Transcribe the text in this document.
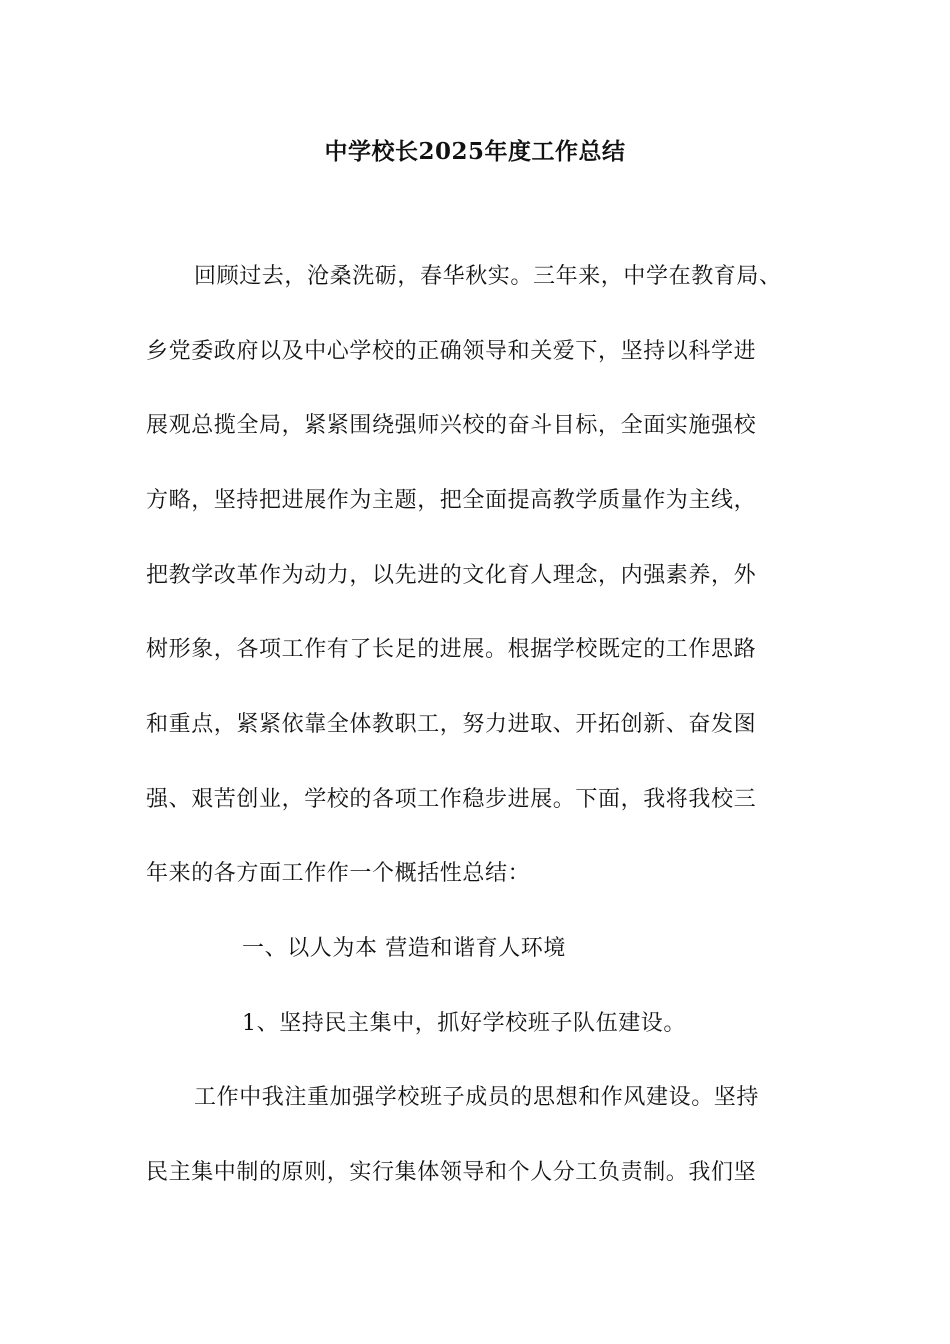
中学校长2025年度工作总结

回顾过去，沧桑洗砺，春华秋实。三年来，中学在教育局、

乡党委政府以及中心学校的正确领导和关爱下，坚持以科学进

展观总揽全局，紧紧围绕强师兴校的奋斗目标，全面实施强校

方略，坚持把进展作为主题，把全面提高教学质量作为主线，

把教学改革作为动力，以先进的文化育人理念，内强素养，外

树形象，各项工作有了长足的进展。根据学校既定的工作思路

和重点，紧紧依靠全体教职工，努力进取、开拓创新、奋发图

强、艰苦创业，学校的各项工作稳步进展。下面，我将我校三

年来的各方面工作作一个概括性总结：

一、以人为本 营造和谐育人环境

1、坚持民主集中，抓好学校班子队伍建设。

工作中我注重加强学校班子成员的思想和作风建设。坚持

民主集中制的原则，实行集体领导和个人分工负责制。我们坚
